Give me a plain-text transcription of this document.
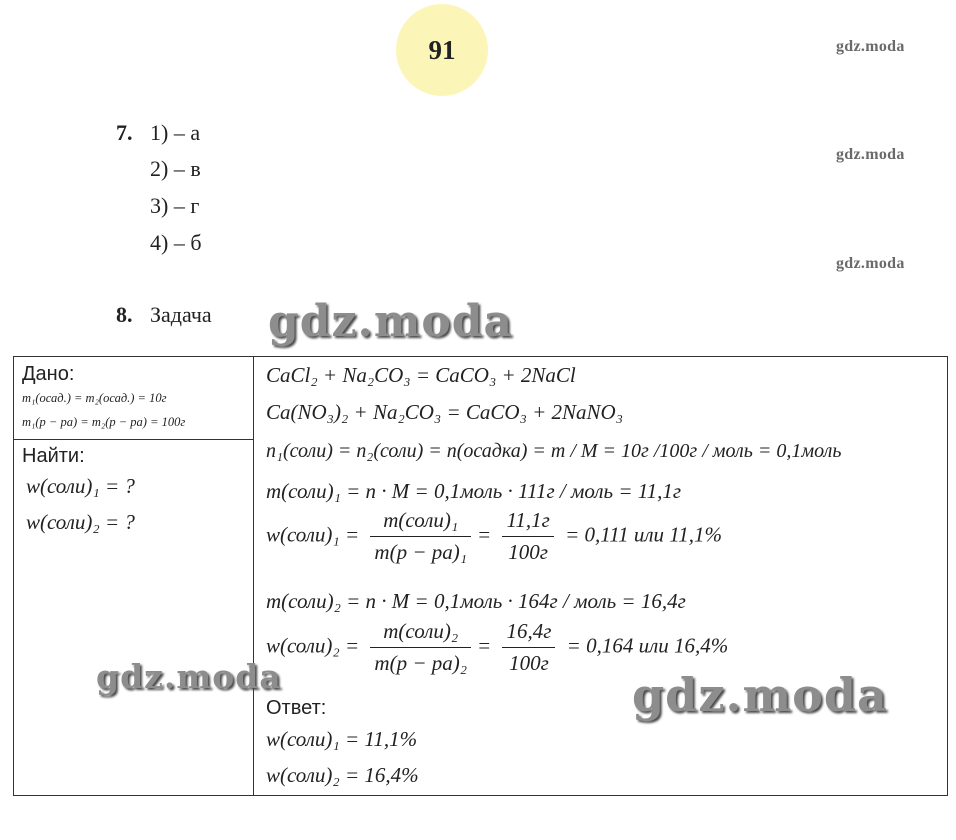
91	gdz.moda
gdz.moda
gdz.moda
7. 1) – а
2) – в
3) – г
4) – б
8. Задача gdz.moda
Дано:
m₁(осад.) = m₂(осад.) = 10г
m₁(p − pa) = m₂(p − pa) = 100г
Найти:
w(соли)₁ = ?
w(соли)₂ = ?
CaCl₂ + Na₂CO₃ = CaCO₃ + 2NaCl
Ca(NO₃)₂ + Na₂CO₃ = CaCO₃ + 2NaNO₃
n₁(соли) = n₂(соли) = n(осадка) = m / M = 10г /100г / моль = 0,1моль
m(соли)₁ = n · M = 0,1моль · 111г / моль = 11,1г
w(соли)₁ = $\frac{\text{m(соли)₁}}{\text{m(p − pa)₁}} = \frac{11,1г}{100г} = 0,111$ или 11,1%
m(соли)₂ = n · M = 0,1моль · 164г / моль = 16,4г
w(соли)₂ = $\frac{\text{m(соли)₂}}{\text{m(p − pa)₂}} = \frac{16,4г}{100г} = 0,164$ или 16,4%
Ответ:
w(соли)₁ = 11,1%
w(соли)₂ = 16,4%
gdz.moda	gdz.moda
